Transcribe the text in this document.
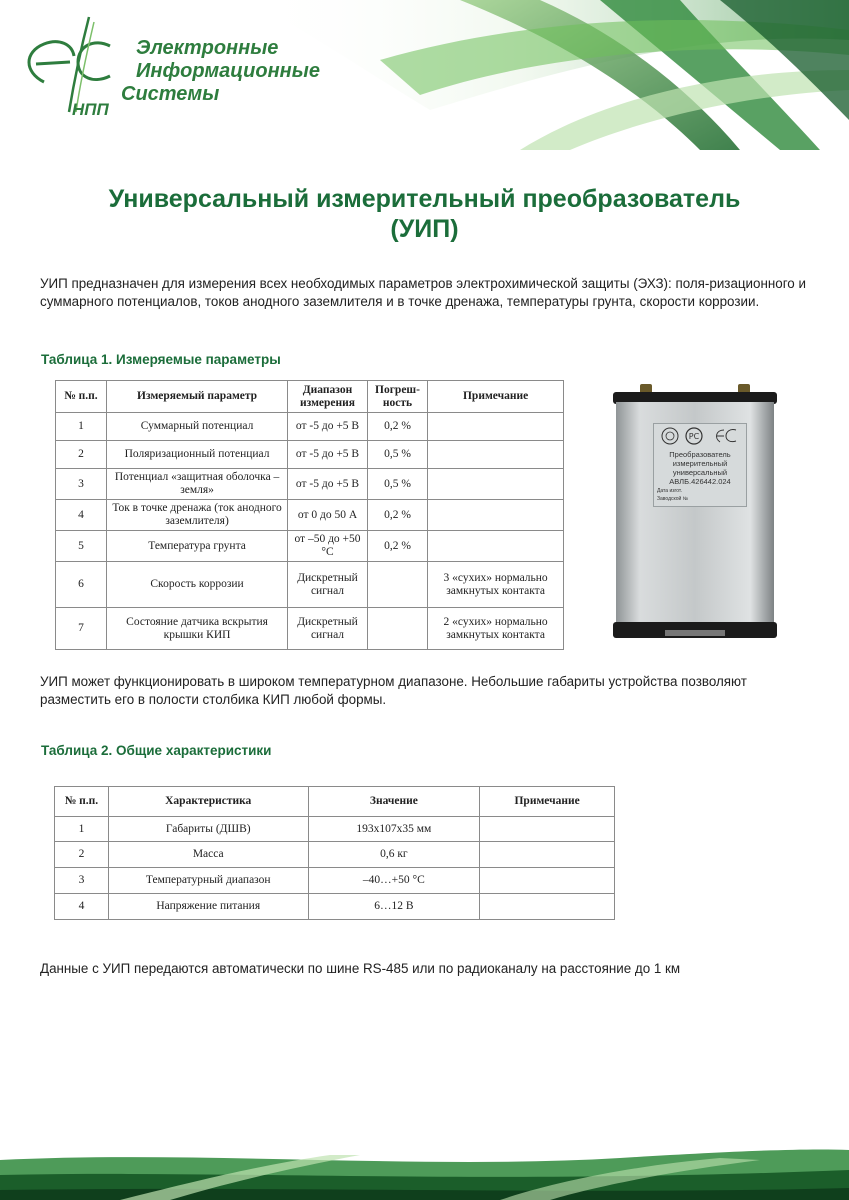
Электронные
Информационные
Системы
НПП
Универсальный измерительный преобразователь
(УИП)
УИП предназначен для измерения всех необходимых параметров электрохимической защиты (ЭХЗ): поля-ризационного и суммарного потенциалов, токов анодного заземлителя и в точке дренажа, температуры грунта, скорости коррозии.
Таблица 1. Измеряемые параметры
№ п.п.	Измеряемый параметр	Диапазон измерения	Погреш-ность	Примечание
1	Суммарный потенциал	от -5 до +5 В	0,2 %	
2	Поляризационный потенциал	от -5 до +5 В	0,5 %	
3	Потенциал «защитная оболочка – земля»	от -5 до +5 В	0,5 %	
4	Ток в точке дренажа (ток анодного заземлителя)	от 0 до 50 А	0,2 %	
5	Температура грунта	от –50 до +50 °С	0,2 %	
6	Скорость коррозии	Дискретный сигнал		3 «сухих» нормально замкнутых контакта
7	Состояние датчика вскрытия крышки КИП	Дискретный сигнал		2 «сухих» нормально замкнутых контакта
PC
Преобразователь
измерительный
универсальный
АВЛБ.426442.024
Дата изгот.
Заводской №
УИП может функционировать в широком температурном диапазоне. Небольшие габариты устройства позволяют разместить его в полости столбика КИП любой формы.
Таблица 2. Общие характеристики
№ п.п.	Характеристика	Значение	Примечание
1	Габариты (ДШВ)	193х107х35 мм	
2	Масса	0,6 кг	
3	Температурный диапазон	–40…+50 °С	
4	Напряжение питания	6…12 В	
Данные с УИП передаются автоматически по шине RS-485 или по радиоканалу на расстояние до 1 км
